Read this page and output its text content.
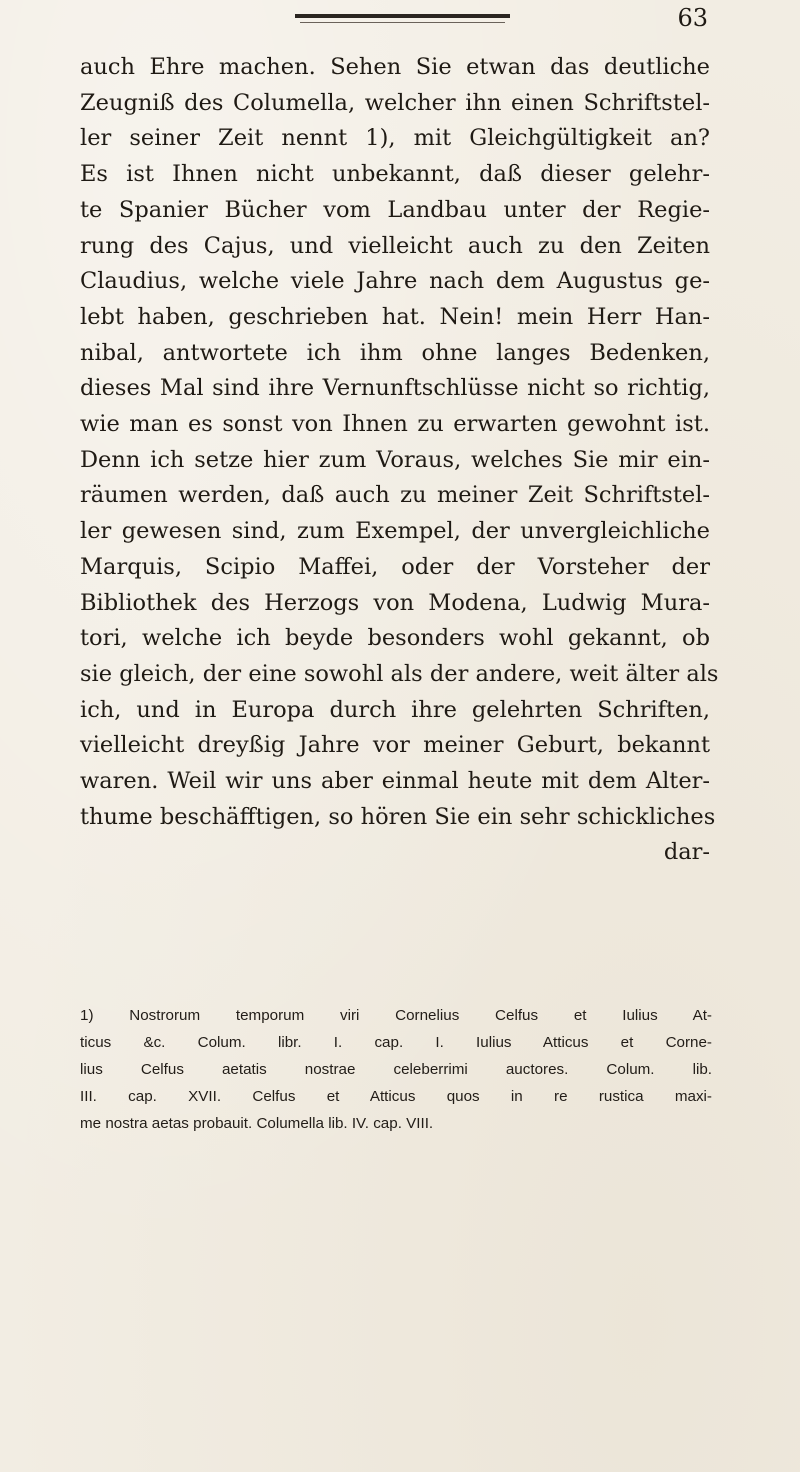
63
auch Ehre machen. Sehen Sie etwan das deutliche
Zeugniß des Columella, welcher ihn einen Schriftstel-
ler seiner Zeit nennt 1), mit Gleichgültigkeit an?
Es ist Ihnen nicht unbekannt, daß dieser gelehr-
te Spanier Bücher vom Landbau unter der Regie-
rung des Cajus, und vielleicht auch zu den Zeiten
Claudius, welche viele Jahre nach dem Augustus ge-
lebt haben, geschrieben hat. Nein! mein Herr Han-
nibal, antwortete ich ihm ohne langes Bedenken,
dieses Mal sind ihre Vernunftschlüsse nicht so richtig,
wie man es sonst von Ihnen zu erwarten gewohnt ist.
Denn ich setze hier zum Voraus, welches Sie mir ein-
räumen werden, daß auch zu meiner Zeit Schriftstel-
ler gewesen sind, zum Exempel, der unvergleichliche
Marquis, Scipio Maffei, oder der Vorsteher der
Bibliothek des Herzogs von Modena, Ludwig Mura-
tori, welche ich beyde besonders wohl gekannt, ob
sie gleich, der eine sowohl als der andere, weit älter als
ich, und in Europa durch ihre gelehrten Schriften,
vielleicht dreyßig Jahre vor meiner Geburt, bekannt
waren. Weil wir uns aber einmal heute mit dem Alter-
thume beschäfftigen, so hören Sie ein sehr schickliches
dar-
1) Nostrorum temporum viri Cornelius Celfus et Iulius At-
ticus &c. Colum. libr. I. cap. I. Iulius Atticus et Corne-
lius Celfus aetatis nostrae celeberrimi auctores. Colum. lib.
III. cap. XVII. Celfus et Atticus quos in re rustica maxi-
me nostra aetas probauit. Columella lib. IV. cap. VIII.
